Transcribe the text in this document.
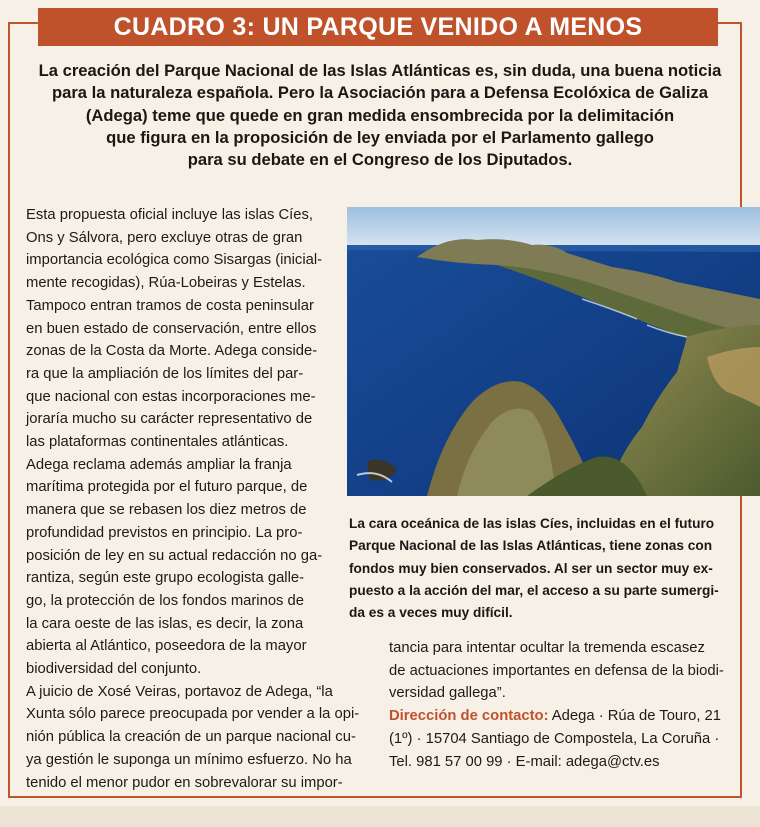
CUADRO 3: UN PARQUE VENIDO A MENOS
La creación del Parque Nacional de las Islas Atlánticas es, sin duda, una buena noticia
para la naturaleza española. Pero la Asociación para a Defensa Ecolóxica de Galiza
(Adega) teme que quede en gran medida ensombrecida por la delimitación
que figura en la proposición de ley enviada por el Parlamento gallego
para su debate en el Congreso de los Diputados.
Esta propuesta oficial incluye las islas Cíes,
Ons y Sálvora, pero excluye otras de gran
importancia ecológica como Sisargas (inicial-
mente recogidas), Rúa-Lobeiras y Estelas.
Tampoco entran tramos de costa peninsular
en buen estado de conservación, entre ellos
zonas de la Costa da Morte. Adega conside-
ra que la ampliación de los límites del par-
que nacional con estas incorporaciones me-
joraría mucho su carácter representativo de
las plataformas continentales atlánticas.
Adega reclama además ampliar la franja
marítima protegida por el futuro parque, de
manera que se rebasen los diez metros de
profundidad previstos en principio. La pro-
posición de ley en su actual redacción no ga-
rantiza, según este grupo ecologista galle-
go, la protección de los fondos marinos de
la cara oeste de las islas, es decir, la zona
abierta al Atlántico, poseedora de la mayor
biodiversidad del conjunto.
A juicio de Xosé Veiras, portavoz de Adega, “la
Xunta sólo parece preocupada por vender a la opi-
nión pública la creación de un parque nacional cu-
ya gestión le suponga un mínimo esfuerzo. No ha
tenido el menor pudor en sobrevalorar su impor-
La cara oceánica de las islas Cíes, incluidas en el futuro
Parque Nacional de las Islas Atlánticas, tiene zonas con
fondos muy bien conservados. Al ser un sector muy ex-
puesto a la acción del mar, el acceso a su parte sumergi-
da es a veces muy difícil.
tancia para intentar ocultar la tremenda escasez
de actuaciones importantes en defensa de la biodi-
versidad gallega”.
Dirección de contacto: Adega · Rúa de Touro, 21
(1º) · 15704 Santiago de Compostela, La Coruña ·
Tel. 981 57 00 99 · E-mail: adega@ctv.es
